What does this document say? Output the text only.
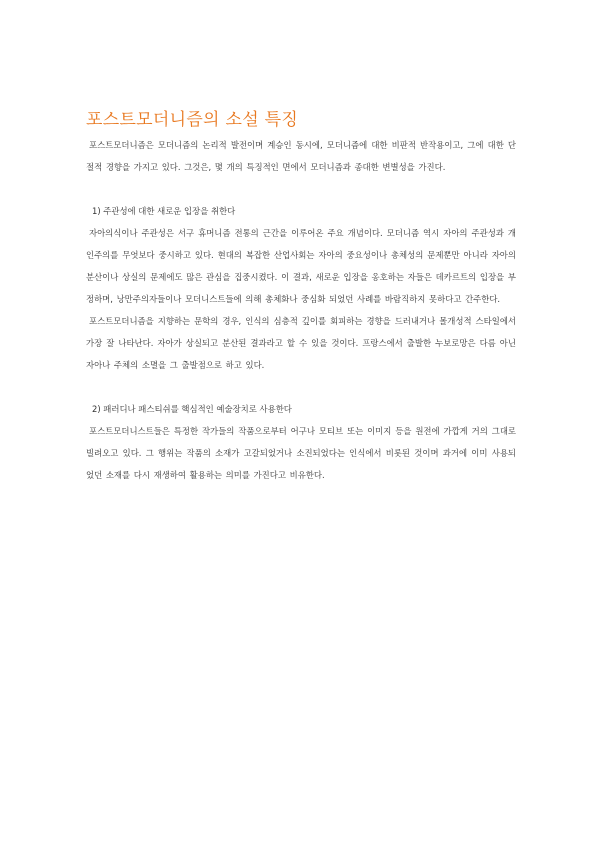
포스트모더니즘의 소설 특징

포스트모더니즘은 모더니즘의 논리적 발전이며 계승인 동시에, 모더니즘에 대한 비판적 반작용이고, 그에 대한 단절적 경향을 가지고 있다. 그것은, 몇 개의 특징적인 면에서 모더니즘과 종대한 변별성을 가진다.

1) 주관성에 대한 새로운 입장을 취한다

자아의식이나 주관성은 서구 휴머니즘 전통의 근간을 이루어온 주요 개념이다. 모더니즘 역시 자아의 주관성과 개인주의를 무엇보다 중시하고 있다. 현대의 복잡한 산업사회는 자아의 중요성이나 총체성의 문제뿐만 아니라 자아의 분산이나 상실의 문제에도 많은 관심을 집중시켰다. 이 결과, 새로운 입장을 옹호하는 자들은 데카르트의 입장을 부정하며, 낭만주의자들이나 모더니스트들에 의해 총체화나 중심화 되었던 사례를 바람직하지 못하다고 간주한다.

포스트모더니즘을 지향하는 문학의 경우, 인식의 심층적 깊이를 회피하는 경향을 드러내거나 몰개성적 스타일에서 가장 잘 나타난다. 자아가 상실되고 분산된 결과라고 할 수 있을 것이다. 프랑스에서 출발한 누보로망은 다름 아닌 자아나 주체의 소멸을 그 출발점으로 하고 있다.

2) 패러디나 패스티쉬를 핵심적인 예술장치로 사용한다

포스트모더니스트들은 특정한 작가들의 작품으로부터 어구나 모티브 또는 이미지 등을 원전에 가깝게 거의 그대로 빌려오고 있다. 그 행위는 작품의 소재가 고갈되었거나 소진되었다는 인식에서 비롯된 것이며 과거에 이미 사용되었던 소재를 다시 재생하여 활용하는 의미를 가진다고 비유한다.
